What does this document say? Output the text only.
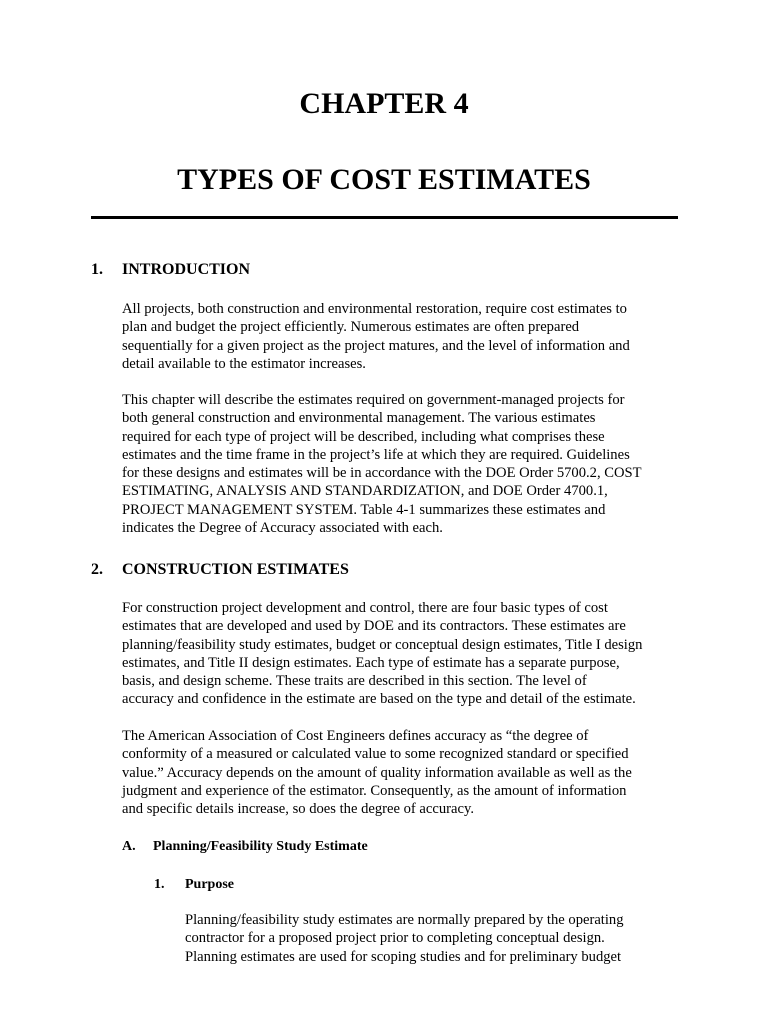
CHAPTER 4
TYPES OF COST ESTIMATES
1. INTRODUCTION
All projects, both construction and environmental restoration, require cost estimates to
plan and budget the project efficiently. Numerous estimates are often prepared
sequentially for a given project as the project matures, and the level of information and
detail available to the estimator increases.
This chapter will describe the estimates required on government-managed projects for
both general construction and environmental management. The various estimates
required for each type of project will be described, including what comprises these
estimates and the time frame in the project’s life at which they are required. Guidelines
for these designs and estimates will be in accordance with the DOE Order 5700.2, COST
ESTIMATING, ANALYSIS AND STANDARDIZATION, and DOE Order 4700.1,
PROJECT MANAGEMENT SYSTEM. Table 4-1 summarizes these estimates and
indicates the Degree of Accuracy associated with each.
2. CONSTRUCTION ESTIMATES
For construction project development and control, there are four basic types of cost
estimates that are developed and used by DOE and its contractors. These estimates are
planning/feasibility study estimates, budget or conceptual design estimates, Title I design
estimates, and Title II design estimates. Each type of estimate has a separate purpose,
basis, and design scheme. These traits are described in this section. The level of
accuracy and confidence in the estimate are based on the type and detail of the estimate.
The American Association of Cost Engineers defines accuracy as “the degree of
conformity of a measured or calculated value to some recognized standard or specified
value.” Accuracy depends on the amount of quality information available as well as the
judgment and experience of the estimator. Consequently, as the amount of information
and specific details increase, so does the degree of accuracy.
A. Planning/Feasibility Study Estimate
1. Purpose
Planning/feasibility study estimates are normally prepared by the operating
contractor for a proposed project prior to completing conceptual design.
Planning estimates are used for scoping studies and for preliminary budget
